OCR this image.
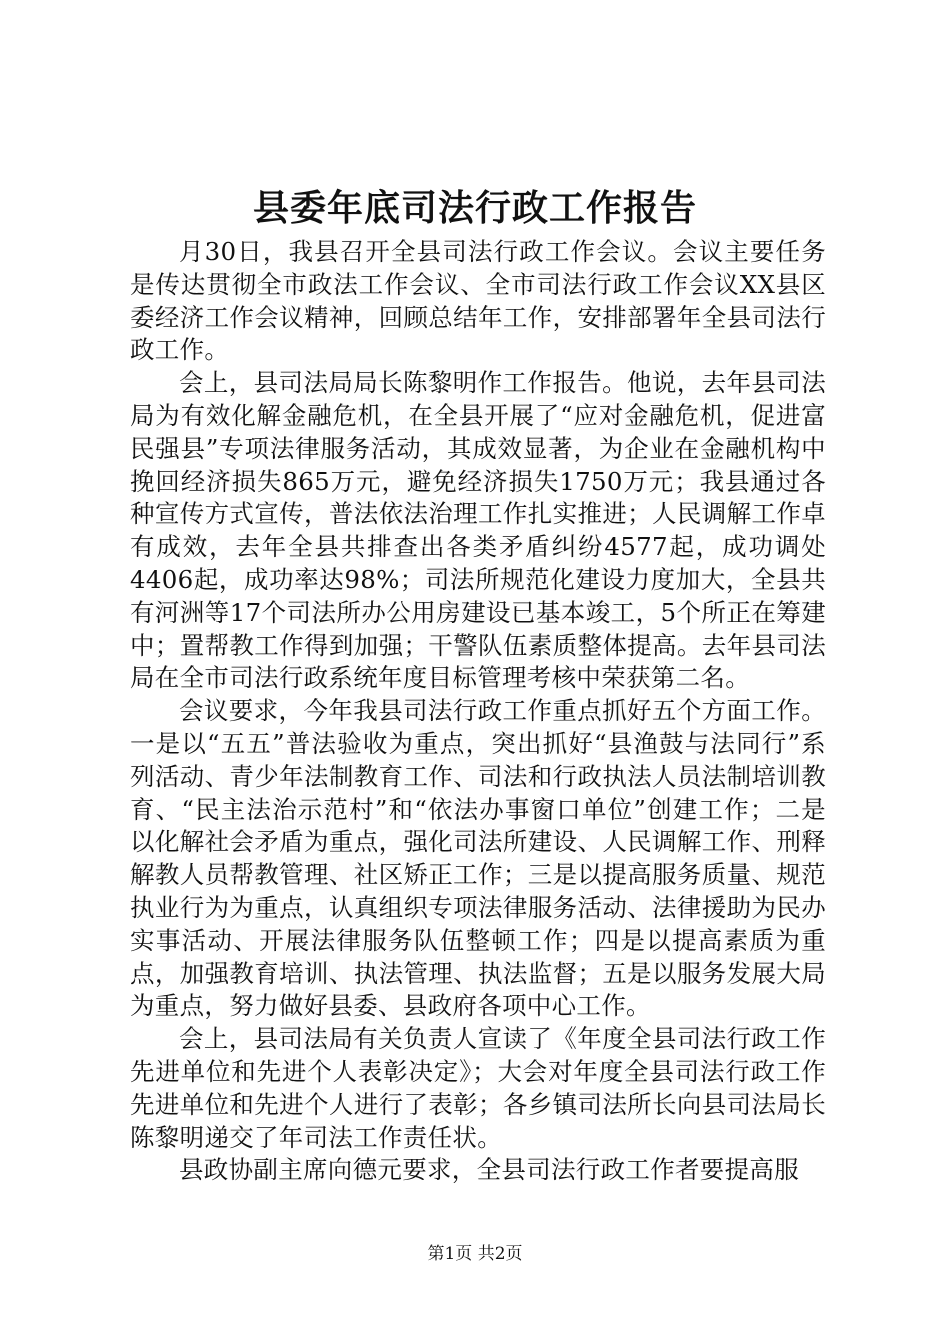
县委年底司法行政工作报告

月30日，我县召开全县司法行政工作会议。会议主要任务是传达贯彻全市政法工作会议、全市司法行政工作会议XX县区委经济工作会议精神，回顾总结年工作，安排部署年全县司法行政工作。

会上，县司法局局长陈黎明作工作报告。他说，去年县司法局为有效化解金融危机，在全县开展了“应对金融危机，促进富民强县”专项法律服务活动，其成效显著，为企业在金融机构中挽回经济损失865万元，避免经济损失1750万元；我县通过各种宣传方式宣传，普法依法治理工作扎实推进；人民调解工作卓有成效，去年全县共排查出各类矛盾纠纷4577起，成功调处4406起，成功率达98%；司法所规范化建设力度加大，全县共有河洲等17个司法所办公用房建设已基本竣工，5个所正在筹建中；置帮教工作得到加强；干警队伍素质整体提高。去年县司法局在全市司法行政系统年度目标管理考核中荣获第二名。

会议要求，今年我县司法行政工作重点抓好五个方面工作。一是以“五五”普法验收为重点，突出抓好“县渔鼓与法同行”系列活动、青少年法制教育工作、司法和行政执法人员法制培训教育、“民主法治示范村”和“依法办事窗口单位”创建工作；二是以化解社会矛盾为重点，强化司法所建设、人民调解工作、刑释解教人员帮教管理、社区矫正工作；三是以提高服务质量、规范执业行为为重点，认真组织专项法律服务活动、法律援助为民办实事活动、开展法律服务队伍整顿工作；四是以提高素质为重点，加强教育培训、执法管理、执法监督；五是以服务发展大局为重点，努力做好县委、县政府各项中心工作。

会上，县司法局有关负责人宣读了《年度全县司法行政工作先进单位和先进个人表彰决定》；大会对年度全县司法行政工作先进单位和先进个人进行了表彰；各乡镇司法所长向县司法局长陈黎明递交了年司法工作责任状。

县政协副主席向德元要求，全县司法行政工作者要提高服

第1页 共2页
